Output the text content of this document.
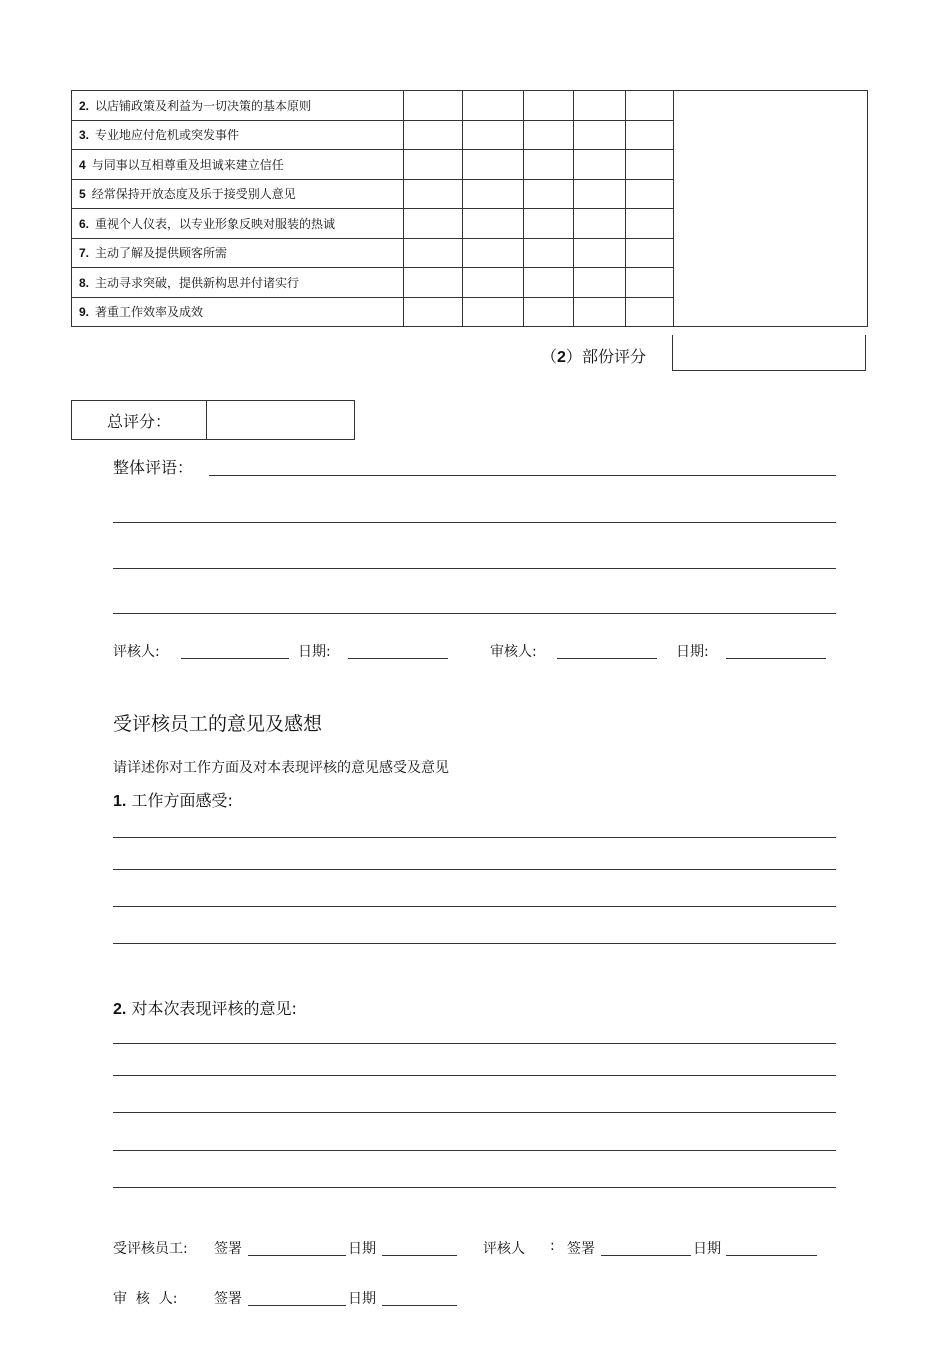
2. 以店铺政策及利益为一切决策的基本原则						
3. 专业地应付危机或突发事件						
4 与同事以互相尊重及坦诚来建立信任						
5 经常保持开放态度及乐于接受别人意见						
6. 重视个人仪表，以专业形象反映对服装的热诚						
7. 主动了解及提供顾客所需						
8. 主动寻求突破，提供新构思并付诸实行						
9. 著重工作效率及成效						
（2）部份评分
总评分：
整体评语：
评核人:	日期:	审核人:	日期:
受评核员工的意见及感想
请详述你对工作方面及对本表现评核的意见感受及意见
1. 工作方面感受:
2. 对本次表现评核的意见:
受评核员工: 签署	日期	评核人 : 签署	日期
审  核  人:	签署	日期
